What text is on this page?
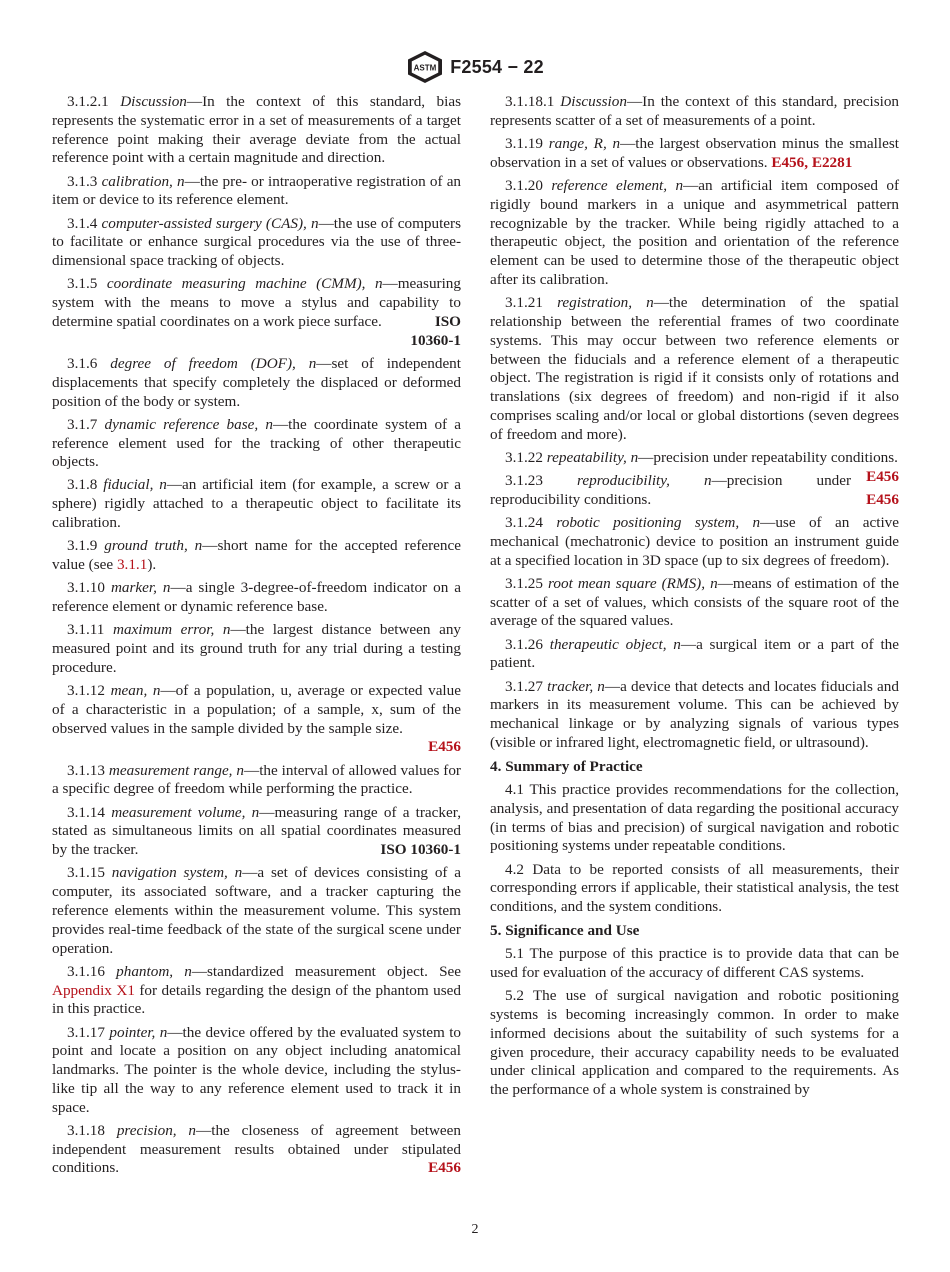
ASTM F2554 − 22

3.1.2.1 Discussion—In the context of this standard, bias represents the systematic error in a set of measurements of a target reference point making their average deviate from the actual reference point with a certain magnitude and direction.

3.1.3 calibration, n—the pre- or intraoperative registration of an item or device to its reference element.

3.1.4 computer-assisted surgery (CAS), n—the use of computers to facilitate or enhance surgical procedures via the use of three-dimensional space tracking of objects.

3.1.5 coordinate measuring machine (CMM), n—measuring system with the means to move a stylus and capability to determine spatial coordinates on a work piece surface.	ISO
10360-1

3.1.6 degree of freedom (DOF), n—set of independent displacements that specify completely the displaced or deformed position of the body or system.

3.1.7 dynamic reference base, n—the coordinate system of a reference element used for the tracking of other therapeutic objects.

3.1.8 fiducial, n—an artificial item (for example, a screw or a sphere) rigidly attached to a therapeutic object to facilitate its calibration.

3.1.9 ground truth, n—short name for the accepted reference value (see 3.1.1).

3.1.10 marker, n—a single 3-degree-of-freedom indicator on a reference element or dynamic reference base.

3.1.11 maximum error, n—the largest distance between any measured point and its ground truth for any trial during a testing procedure.

3.1.12 mean, n—of a population, u, average or expected value of a characteristic in a population; of a sample, x, sum of the observed values in the sample divided by the sample size.
E456

3.1.13 measurement range, n—the interval of allowed values for a specific degree of freedom while performing the practice.

3.1.14 measurement volume, n—measuring range of a tracker, stated as simultaneous limits on all spatial coordinates measured by the tracker.	ISO 10360-1

3.1.15 navigation system, n—a set of devices consisting of a computer, its associated software, and a tracker capturing the reference elements within the measurement volume. This system provides real-time feedback of the state of the surgical scene under operation.

3.1.16 phantom, n—standardized measurement object. See Appendix X1 for details regarding the design of the phantom used in this practice.

3.1.17 pointer, n—the device offered by the evaluated system to point and locate a position on any object including anatomical landmarks. The pointer is the whole device, including the stylus-like tip all the way to any reference element used to track it in space.

3.1.18 precision, n—the closeness of agreement between independent measurement results obtained under stipulated conditions.	E456

3.1.18.1 Discussion—In the context of this standard, precision represents scatter of a set of measurements of a point.

3.1.19 range, R, n—the largest observation minus the smallest observation in a set of values or observations. E456, E2281

3.1.20 reference element, n—an artificial item composed of rigidly bound markers in a unique and asymmetrical pattern recognizable by the tracker. While being rigidly attached to a therapeutic object, the position and orientation of the reference element can be used to determine those of the therapeutic object after its calibration.

3.1.21 registration, n—the determination of the spatial relationship between the referential frames of two coordinate systems. This may occur between two reference elements or between the fiducials and a reference element of a therapeutic object. The registration is rigid if it consists only of rotations and translations (six degrees of freedom) and non-rigid if it also comprises scaling and/or local or global distortions (seven degrees of freedom and more).

3.1.22 repeatability, n—precision under repeatability conditions.
E456

3.1.23 reproducibility, n—precision under reproducibility conditions.	E456

3.1.24 robotic positioning system, n—use of an active mechanical (mechatronic) device to position an instrument guide at a specified location in 3D space (up to six degrees of freedom).

3.1.25 root mean square (RMS), n—means of estimation of the scatter of a set of values, which consists of the square root of the average of the squared values.

3.1.26 therapeutic object, n—a surgical item or a part of the patient.

3.1.27 tracker, n—a device that detects and locates fiducials and markers in its measurement volume. This can be achieved by mechanical linkage or by analyzing signals of various types (visible or infrared light, electromagnetic field, or ultrasound).

4. Summary of Practice

4.1 This practice provides recommendations for the collection, analysis, and presentation of data regarding the positional accuracy (in terms of bias and precision) of surgical navigation and robotic positioning systems under repeatable conditions.

4.2 Data to be reported consists of all measurements, their corresponding errors if applicable, their statistical analysis, the test conditions, and the system conditions.

5. Significance and Use

5.1 The purpose of this practice is to provide data that can be used for evaluation of the accuracy of different CAS systems.

5.2 The use of surgical navigation and robotic positioning systems is becoming increasingly common. In order to make informed decisions about the suitability of such systems for a given procedure, their accuracy capability needs to be evaluated under clinical application and compared to the requirements. As the performance of a whole system is constrained by

2
